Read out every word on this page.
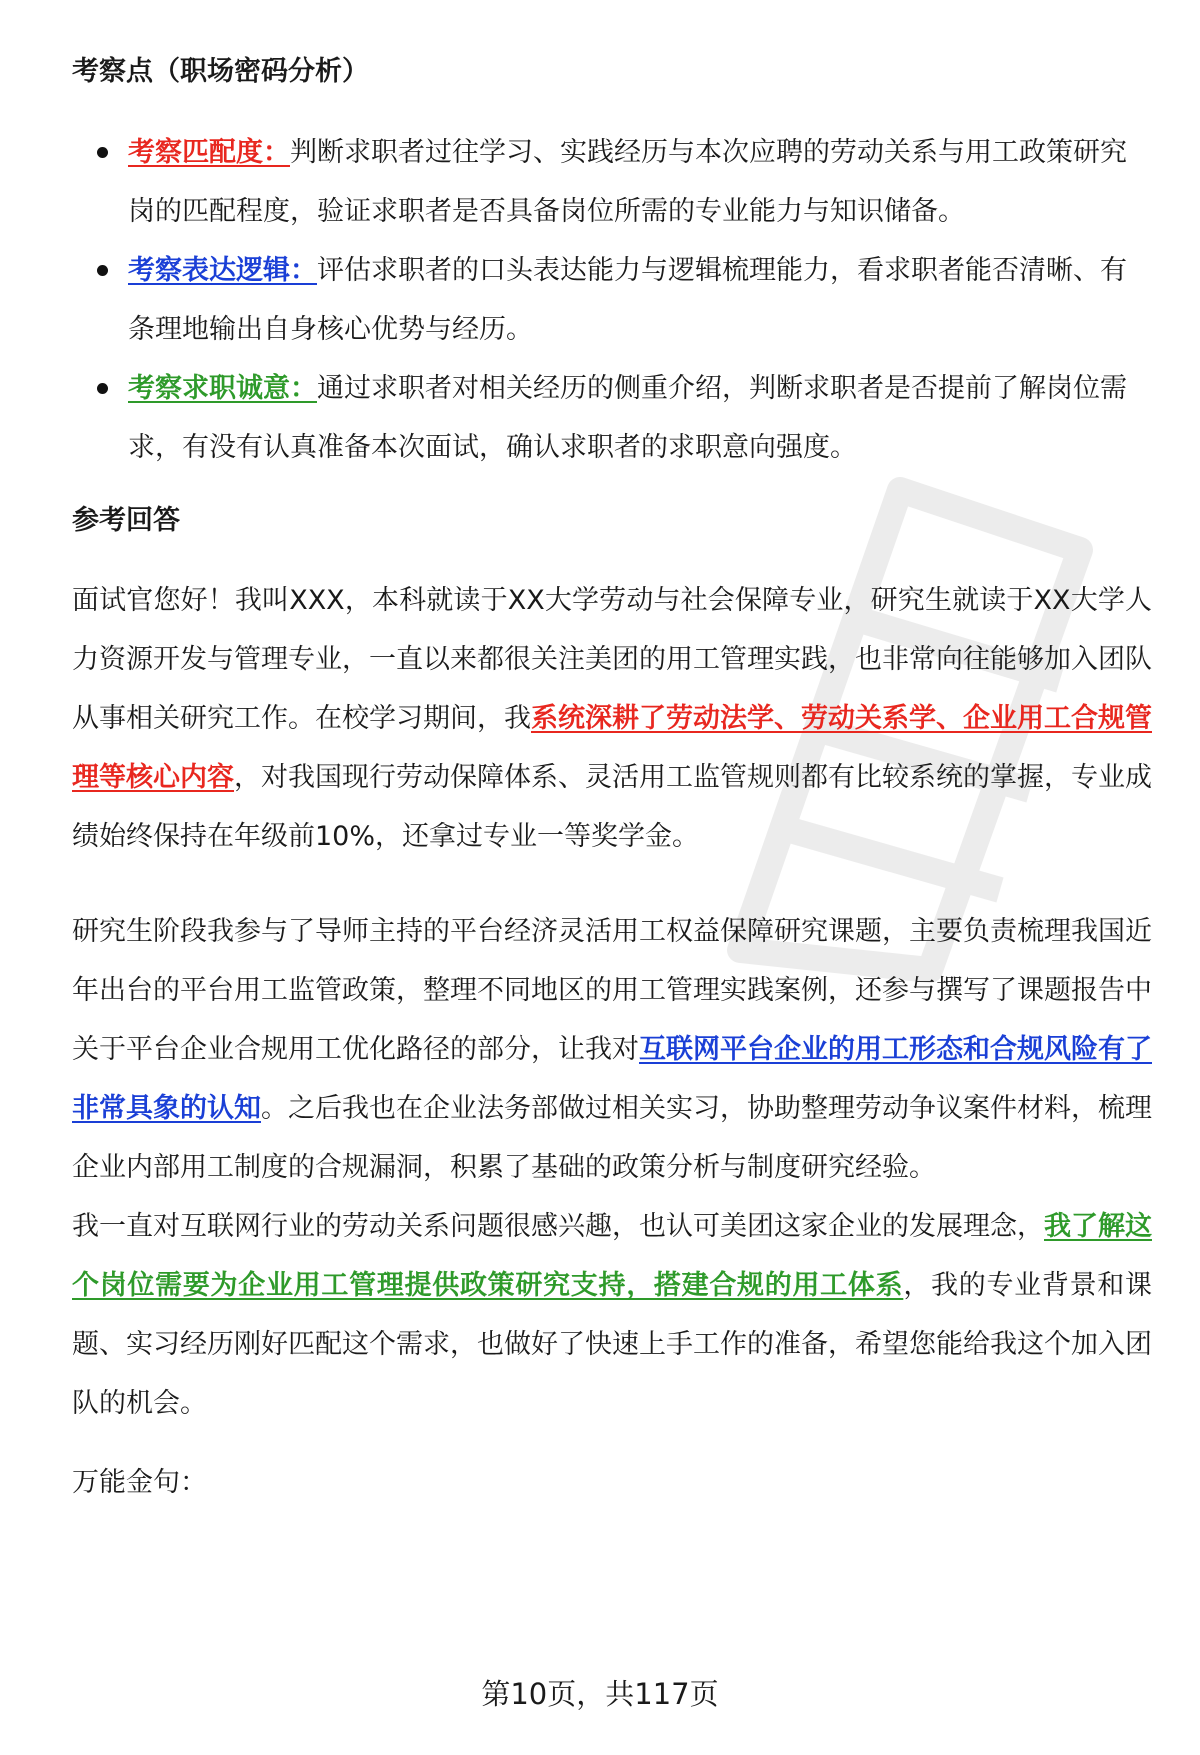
考察点（职场密码分析）
考察匹配度：判断求职者过往学习、实践经历与本次应聘的劳动关系与用工政策研究岗的匹配程度，验证求职者是否具备岗位所需的专业能力与知识储备。
考察表达逻辑：评估求职者的口头表达能力与逻辑梳理能力，看求职者能否清晰、有条理地输出自身核心优势与经历。
考察求职诚意：通过求职者对相关经历的侧重介绍，判断求职者是否提前了解岗位需求，有没有认真准备本次面试，确认求职者的求职意向强度。
参考回答

面试官您好！我叫XXX，本科就读于XX大学劳动与社会保障专业，研究生就读于XX大学人力资源开发与管理专业，一直以来都很关注美团的用工管理实践，也非常向往能够加入团队从事相关研究工作。在校学习期间，我系统深耕了劳动法学、劳动关系学、企业用工合规管理等核心内容，对我国现行劳动保障体系、灵活用工监管规则都有比较系统的掌握，专业成绩始终保持在年级前10%，还拿过专业一等奖学金。

研究生阶段我参与了导师主持的平台经济灵活用工权益保障研究课题，主要负责梳理我国近年出台的平台用工监管政策，整理不同地区的用工管理实践案例，还参与撰写了课题报告中关于平台企业合规用工优化路径的部分，让我对互联网平台企业的用工形态和合规风险有了非常具象的认知。之后我也在企业法务部做过相关实习，协助整理劳动争议案件材料，梳理企业内部用工制度的合规漏洞，积累了基础的政策分析与制度研究经验。

我一直对互联网行业的劳动关系问题很感兴趣，也认可美团这家企业的发展理念，我了解这个岗位需要为企业用工管理提供政策研究支持，搭建合规的用工体系，我的专业背景和课题、实习经历刚好匹配这个需求，也做好了快速上手工作的准备，希望您能给我这个加入团队的机会。

万能金句：

第10页，共117页
